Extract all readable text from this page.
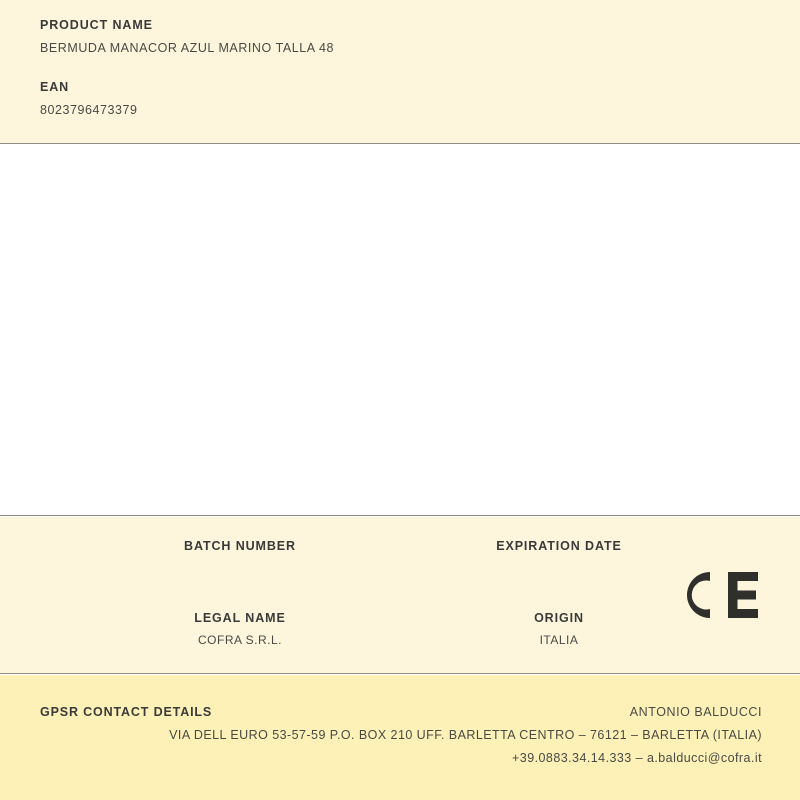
PRODUCT NAME
BERMUDA MANACOR AZUL MARINO TALLA 48
EAN
8023796473379
BATCH NUMBER	EXPIRATION DATE
LEGAL NAME
COFRA S.R.L.
ORIGIN
ITALIA
GPSR CONTACT DETAILS	ANTONIO BALDUCCI
VIA DELL EURO 53-57-59 P.O. BOX 210 UFF. BARLETTA CENTRO – 76121 – BARLETTA (ITALIA)
+39.0883.34.14.333 – a.balducci@cofra.it
